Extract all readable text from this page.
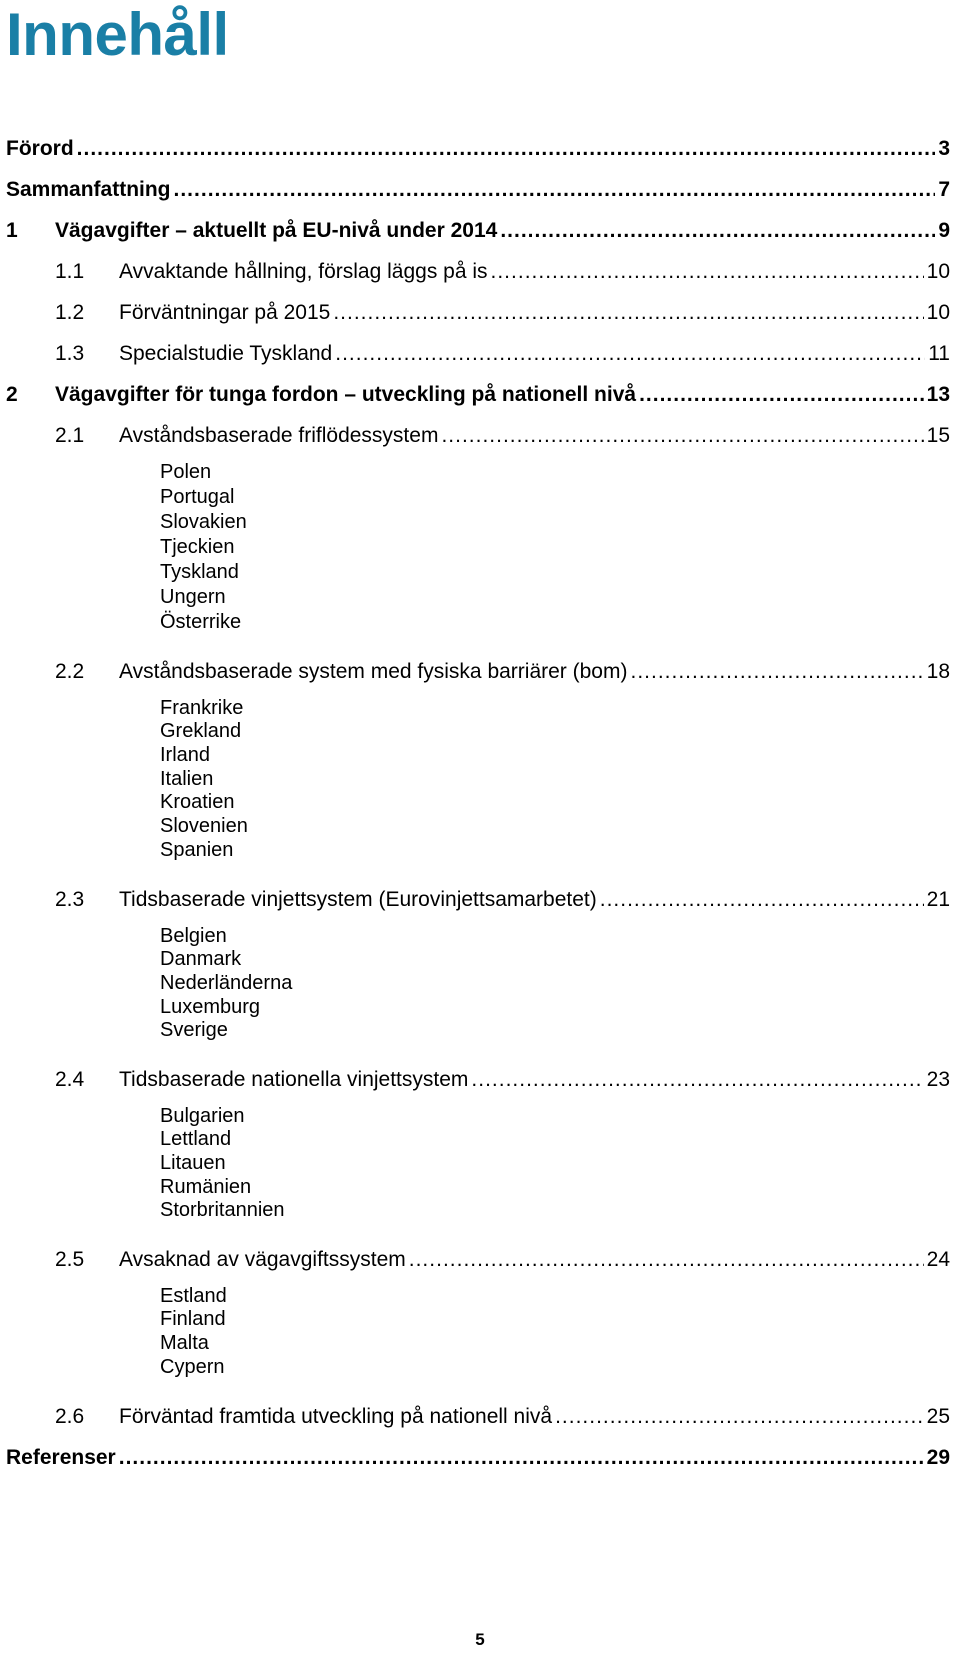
Innehåll
Förord .....	3
Sammanfattning .....	7
1	Vägavgifter – aktuellt på EU-nivå under 2014 .....	9
1.1	Avvaktande hållning, förslag läggs på is .....	10
1.2	Förväntningar på 2015 .....	10
1.3	Specialstudie Tyskland .....	11
2	Vägavgifter för tunga fordon – utveckling på nationell nivå .....	13
2.1	Avståndsbaserade friflödessystem .....	15
Polen
Portugal
Slovakien
Tjeckien
Tyskland
Ungern
Österrike
2.2	Avståndsbaserade system med fysiska barriärer (bom) .....	18
Frankrike
Grekland
Irland
Italien
Kroatien
Slovenien
Spanien
2.3	Tidsbaserade vinjettsystem (Eurovinjettsamarbetet) .....	21
Belgien
Danmark
Nederländerna
Luxemburg
Sverige
2.4	Tidsbaserade nationella vinjettsystem .....	23
Bulgarien
Lettland
Litauen
Rumänien
Storbritannien
2.5	Avsaknad av vägavgiftssystem .....	24
Estland
Finland
Malta
Cypern
2.6	Förväntad framtida utveckling på nationell nivå .....	25
Referenser .....	29
5
